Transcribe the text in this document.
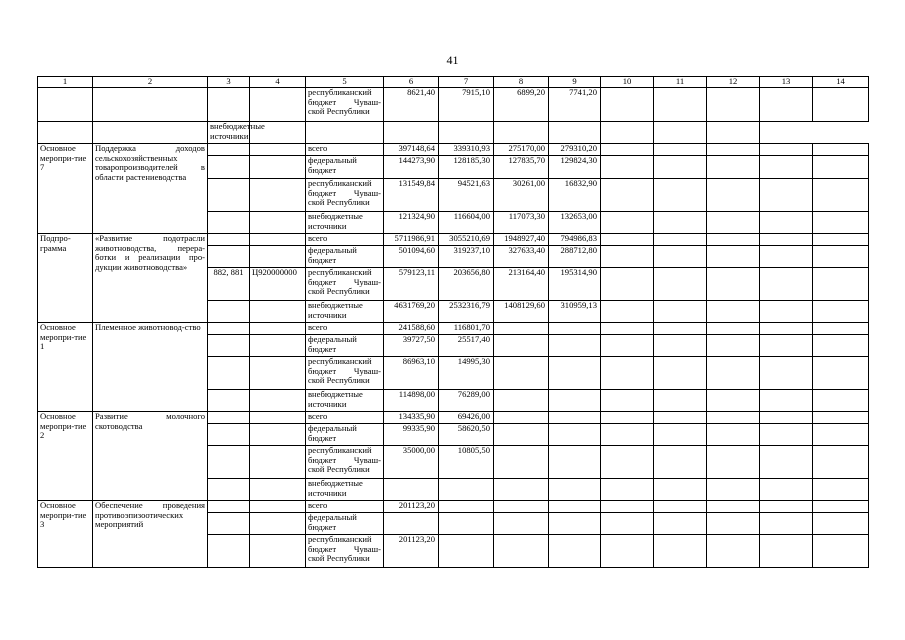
41
1	2	3	4	5	6	7	8	9	10	11	12	13	14
				республиканский бюджет Чуваш-ской Республики	8621,40	7915,10	6899,20	7741,20					
		внебюджетные источники											
Основное меропри-тие 7	Поддержка доходов сельскохозяйственных товаропроизводителей в области растениеводства			всего	397148,64	339310,93	275170,00	279310,20					
				федеральный бюджет	144273,90	128185,30	127835,70	129824,30					
				республиканский бюджет Чуваш-ской Республики	131549,84	94521,63	30261,00	16832,90					
				внебюджетные источники	121324,90	116604,00	117073,30	132653,00					
Подпро-грамма	«Развитие подотрасли животноводства, перера-ботки и реализации про-дукции животноводства»			всего	5711986,91	3055210,69	1948927,40	794986,83					
				федеральный бюджет	501094,60	319237,10	327633,40	288712,80					
		882, 881	Ц920000000	республиканский бюджет Чуваш-ской Республики	579123,11	203656,80	213164,40	195314,90					
				внебюджетные источники	4631769,20	2532316,79	1408129,60	310959,13					
Основное меропри-тие 1	Племенное животновод-ство			всего	241588,60	116801,70							
				федеральный бюджет	39727,50	25517,40							
				республиканский бюджет Чуваш-ской Республики	86963,10	14995,30							
				внебюджетные источники	114898,00	76289,00							
Основное меропри-тие 2	Развитие молочного скотоводства			всего	134335,90	69426,00							
				федеральный бюджет	99335,90	58620,50							
				республиканский бюджет Чуваш-ской Республики	35000,00	10805,50							
				внебюджетные источники									
Основное меропри-тие 3	Обеспечение проведения противоэпизоотических мероприятий			всего	201123,20								
				федеральный бюджет									
				республиканский бюджет Чуваш-ской Республики	201123,20								
